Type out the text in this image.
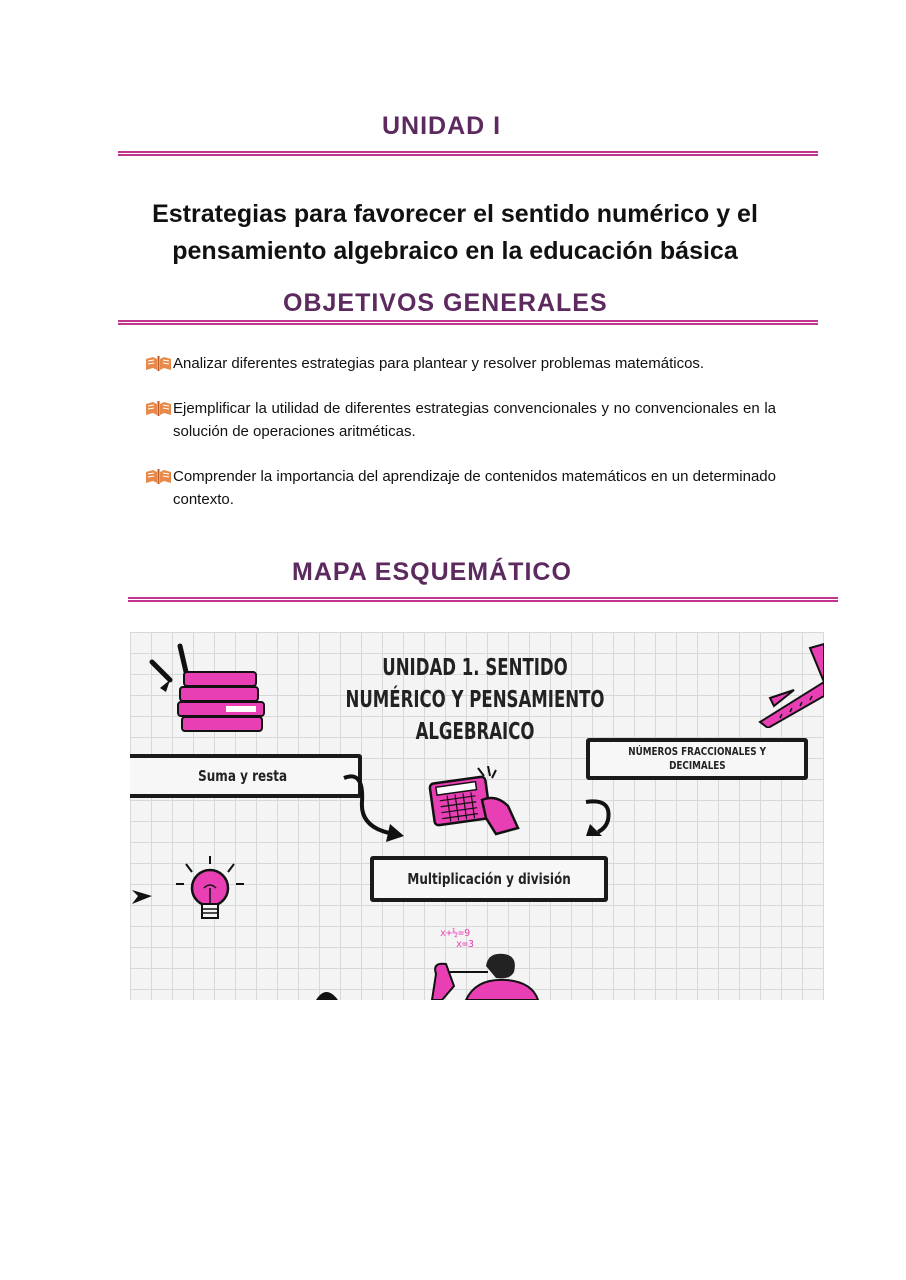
UNIDAD I
Estrategias para favorecer el sentido numérico y el
pensamiento algebraico en la educación básica
OBJETIVOS GENERALES
Analizar diferentes estrategias para plantear y resolver problemas matemáticos.
Ejemplificar la utilidad de diferentes estrategias convencionales y no convencionales en la solución de operaciones aritméticas.
Comprender la importancia del aprendizaje de contenidos matemáticos en un determinado contexto.
MAPA ESQUEMÁTICO
UNIDAD 1. SENTIDO NUMÉRICO Y PENSAMIENTO
ALGEBRAICO
Suma y resta
NÚMEROS FRACCIONALES Y
DECIMALES
Multiplicación y división
x+½=9
x=3
